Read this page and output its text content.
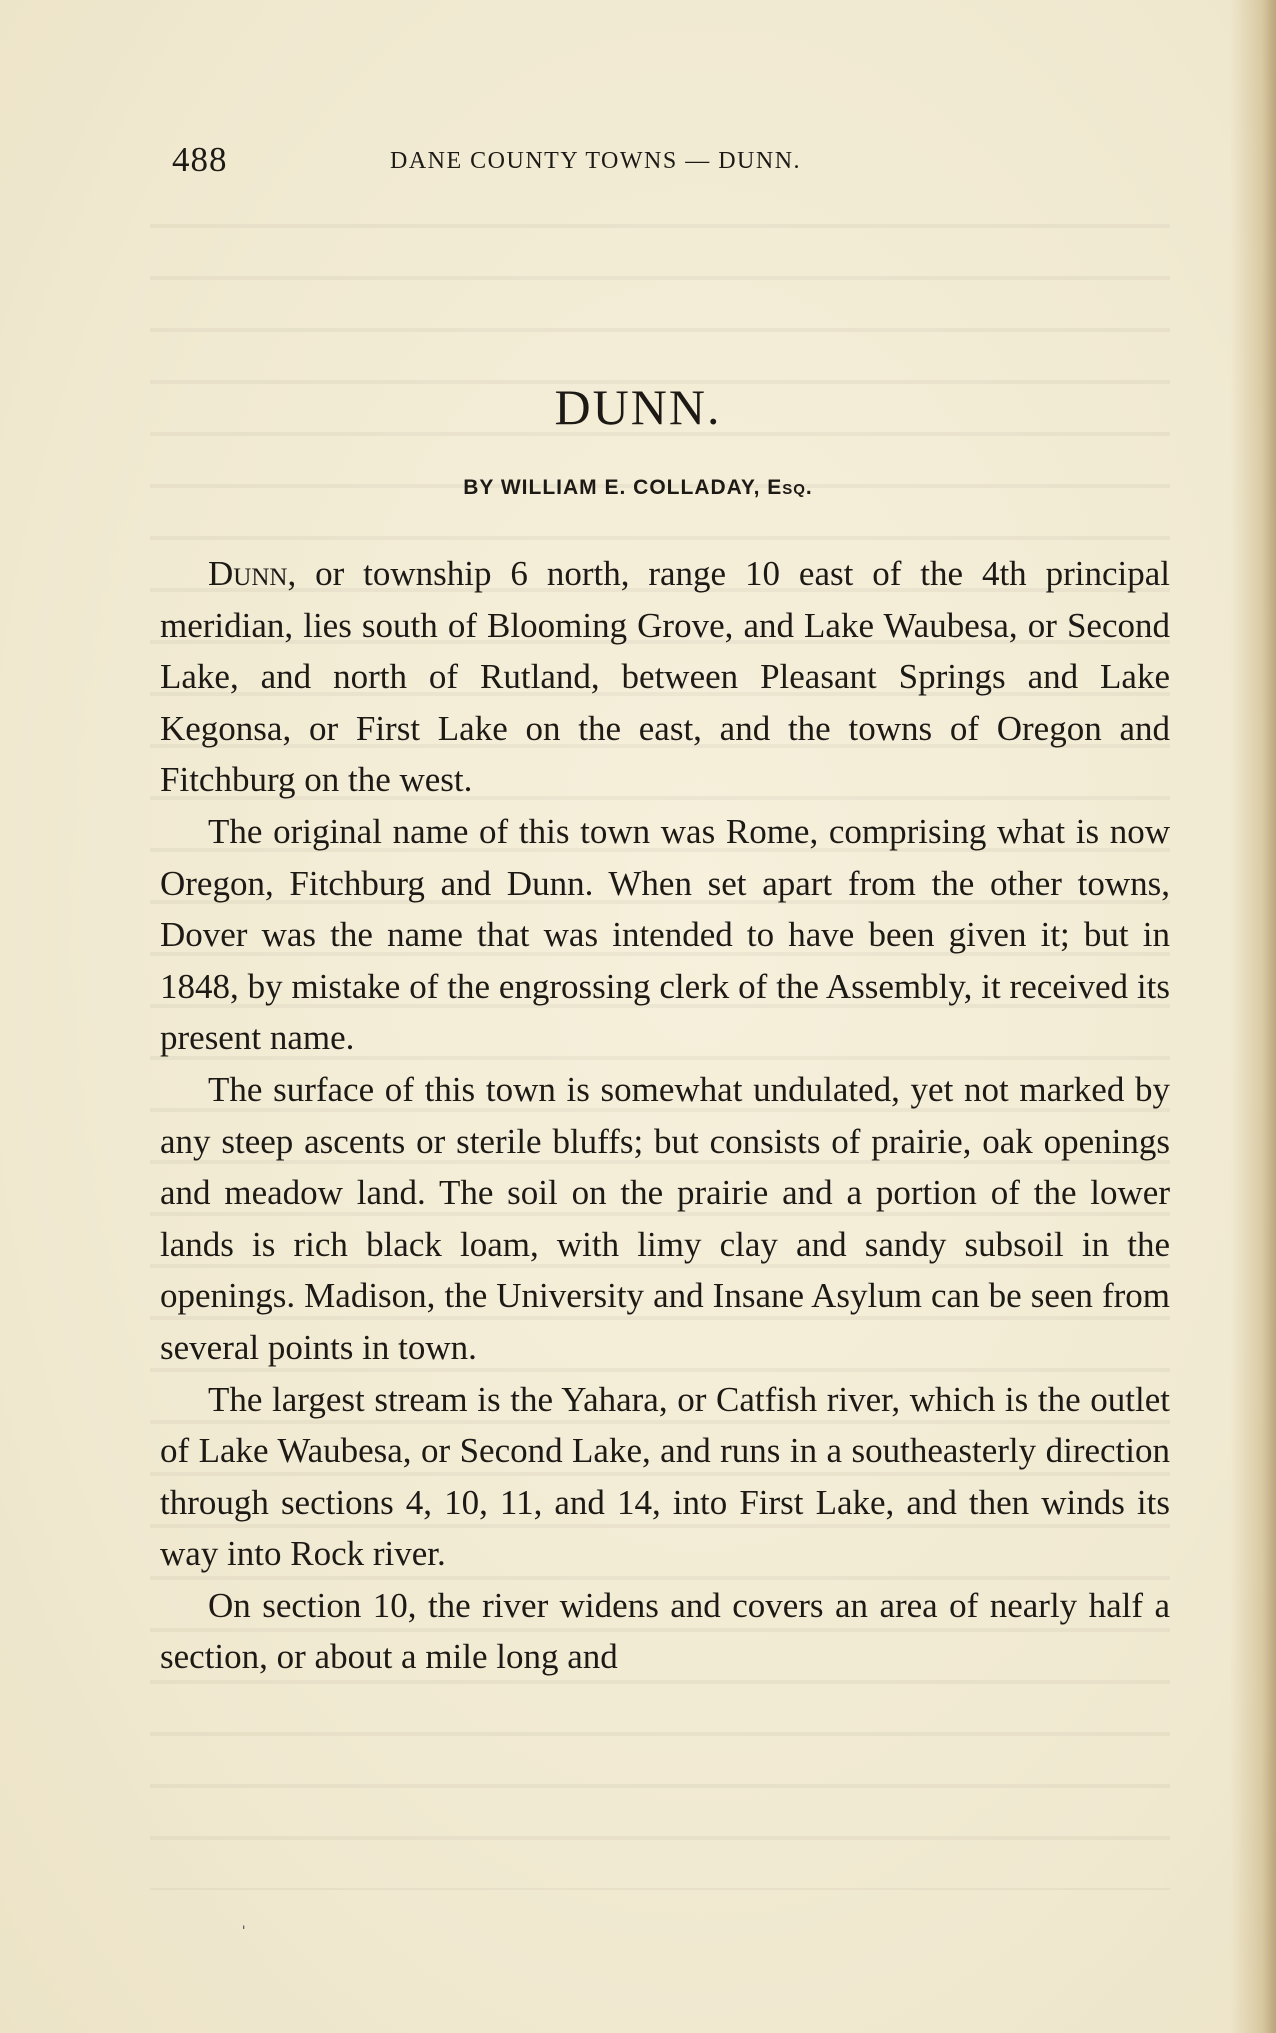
488	DANE COUNTY TOWNS — DUNN.
DUNN.
BY WILLIAM E. COLLADAY, Esq.

Dunn, or township 6 north, range 10 east of the 4th principal meridian, lies south of Blooming Grove, and Lake Waubesa, or Second Lake, and north of Rutland, between Pleasant Springs and Lake Kegonsa, or First Lake on the east, and the towns of Oregon and Fitchburg on the west.

The original name of this town was Rome, comprising what is now Oregon, Fitchburg and Dunn. When set apart from the other towns, Dover was the name that was intended to have been given it; but in 1848, by mistake of the engrossing clerk of the Assembly, it received its present name.

The surface of this town is somewhat undulated, yet not marked by any steep ascents or sterile bluffs; but consists of prairie, oak openings and meadow land. The soil on the prairie and a portion of the lower lands is rich black loam, with limy clay and sandy subsoil in the openings. Madison, the University and Insane Asylum can be seen from several points in town.

The largest stream is the Yahara, or Catfish river, which is the outlet of Lake Waubesa, or Second Lake, and runs in a southeasterly direction through sections 4, 10, 11, and 14, into First Lake, and then winds its way into Rock river.

On section 10, the river widens and covers an area of nearly half a section, or about a mile long and

ˌ
